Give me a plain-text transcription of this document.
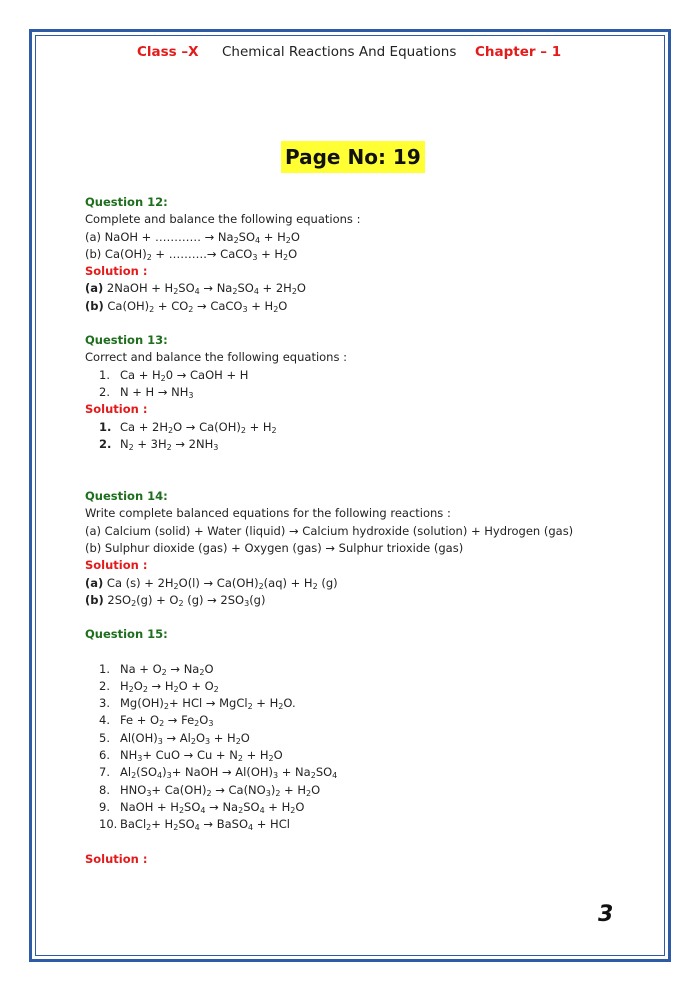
Class –X Chemical Reactions And Equations Chapter – 1
Page No: 19
Question 12:
Complete and balance the following equations :
(a) NaOH + ………… → $Na_2SO_4 + H_2O$
(b) $Ca(OH)_2$ + ……….→ CaCO$_3$ + $H_2O$
Solution :
(a) 2NaOH + $H_2SO_4 \to Na_2SO_4 + 2H_2O$
(b) $Ca(OH)_2 + CO_2$ → CaCO$_3$ + $H_2O$
Question 13:
Correct and balance the following equations :
1. $Ca + H_20$ → CaOH + H
2. $N + H \to NH_3$
Solution :
1. $Ca + 2H_2O \to Ca(OH)_2 + H_2$
2. $N_2 + 3H_2 \to 2NH_3$
Question 14:
Write complete balanced equations for the following reactions :
(a) Calcium (solid) + Water (liquid) → Calcium hydroxide (solution) + Hydrogen (gas)
(b) Sulphur dioxide (gas) + Oxygen (gas) → Sulphur trioxide (gas)
Solution :
(a) Ca $(s) + 2H_2O(l) \to Ca(OH)_2(aq) + H_2$ (g)
(b) $2SO_2(g) + O_2$ $(g) \to 2SO_3(g)$
Question 15:
1. $Na + O_2 \to Na_2O$
2. $H_2O_2 \to H_2O + O_2$
3. $Mg(OH)_2+$ HCl → MgCl$_2$ + $H_2O$.
4. $Fe + O_2 \to Fe_2O_3$
5. $Al(OH)_3 \to Al_2O_3 + H_2O$
6. $NH_3+$ CuO → $Cu + N_2 + H_2O$
7. $Al_2(SO_4)_3+$ NaOH → $Al(OH)_3 + Na_2SO_4$
8. $HNO_3+ Ca(OH)_2 \to Ca(NO_3)_2 + H_2O$
9. NaOH + $H_2SO_4 \to Na_2SO_4 + H_2O$
10. BaCl$_2$+ $H_2SO_4$ → BaSO$_4$ + HCl
Solution :
3
